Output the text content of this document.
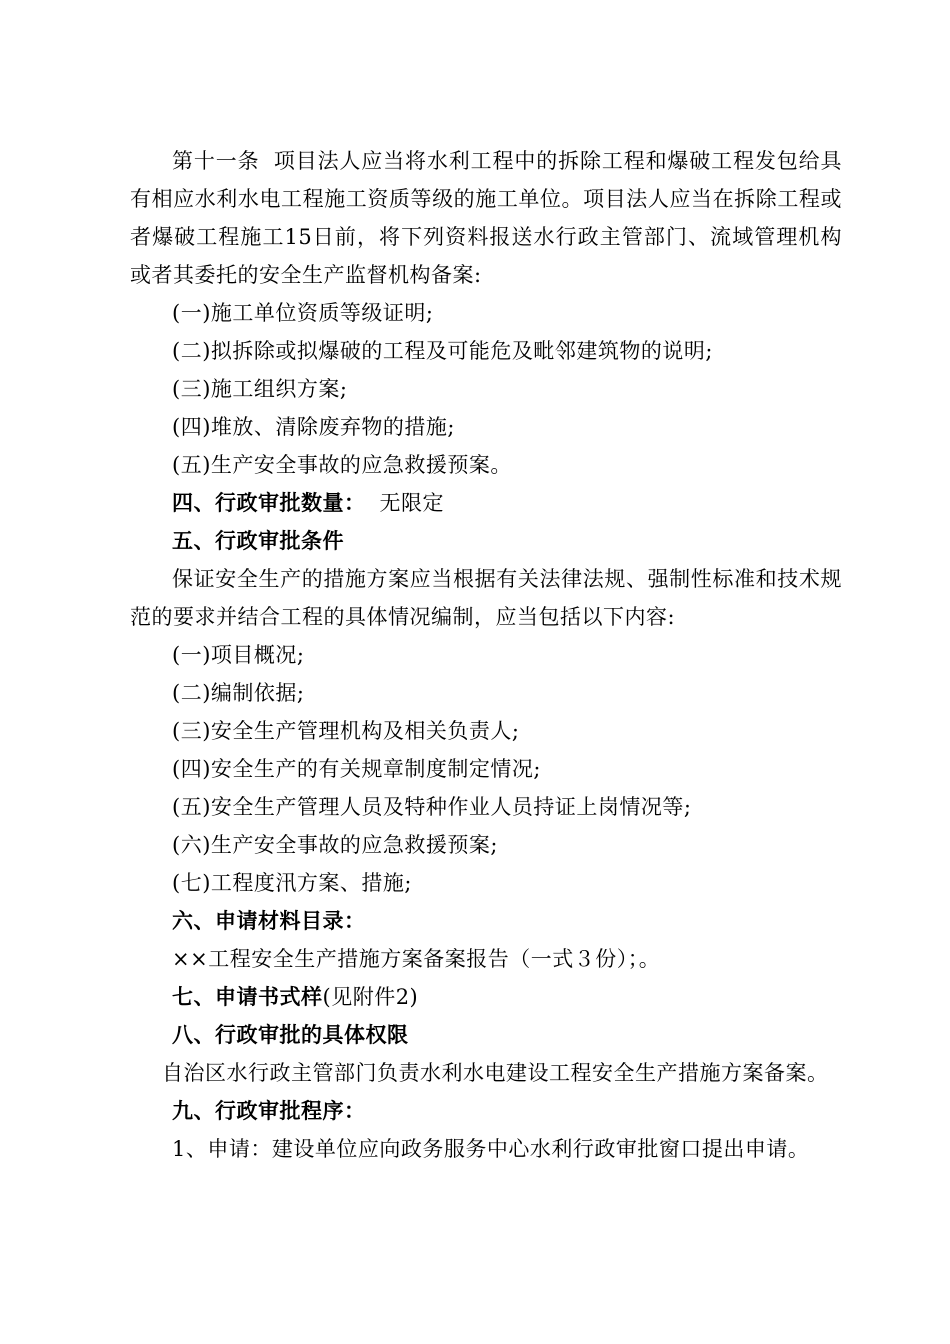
第十一条 项目法人应当将水利工程中的拆除工程和爆破工程发包给具有相应水利水电工程施工资质等级的施工单位。项目法人应当在拆除工程或者爆破工程施工15日前，将下列资料报送水行政主管部门、流域管理机构或者其委托的安全生产监督机构备案:

(一)施工单位资质等级证明;

(二)拟拆除或拟爆破的工程及可能危及毗邻建筑物的说明;

(三)施工组织方案;

(四)堆放、清除废弃物的措施;

(五)生产安全事故的应急救援预案。

四、行政审批数量： 无限定

五、行政审批条件

保证安全生产的措施方案应当根据有关法律法规、强制性标准和技术规范的要求并结合工程的具体情况编制，应当包括以下内容:

(一)项目概况;

(二)编制依据;

(三)安全生产管理机构及相关负责人;

(四)安全生产的有关规章制度制定情况;

(五)安全生产管理人员及特种作业人员持证上岗情况等;

(六)生产安全事故的应急救援预案;

(七)工程度汛方案、措施;

六、申请材料目录：

××工程安全生产措施方案备案报告（一式３份）；。

七、申请书式样(见附件2)

八、行政审批的具体权限

自治区水行政主管部门负责水利水电建设工程安全生产措施方案备案。

九、行政审批程序：

1、申请：建设单位应向政务服务中心水利行政审批窗口提出申请。
